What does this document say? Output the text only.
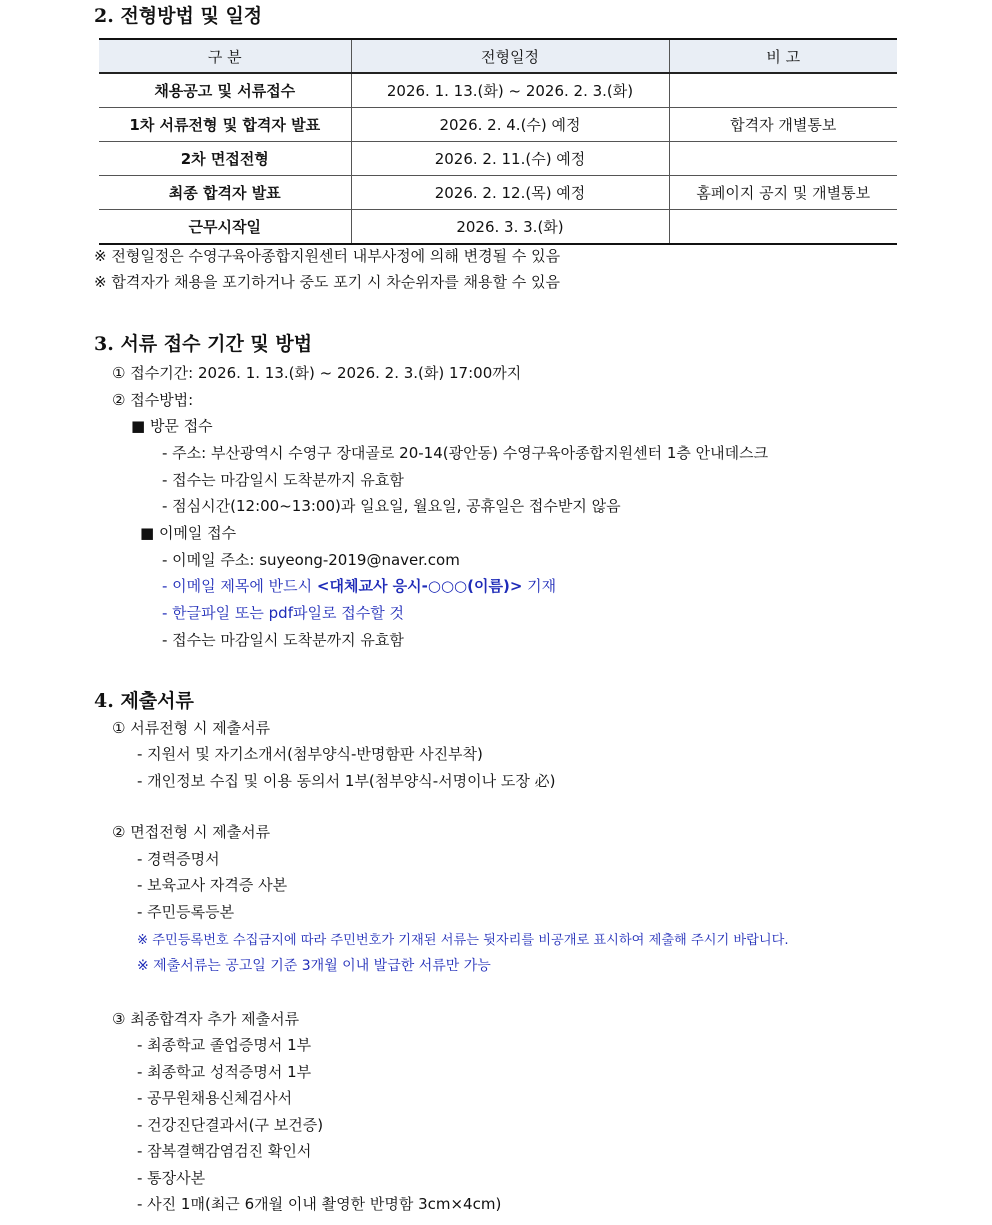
2. 전형방법 및 일정
구 분	전형일정	비 고
채용공고 및 서류접수	2026. 1. 13.(화) ~ 2026. 2. 3.(화)	
1차 서류전형 및 합격자 발표	2026. 2. 4.(수) 예정	합격자 개별통보
2차 면접전형	2026. 2. 11.(수) 예정	
최종 합격자 발표	2026. 2. 12.(목) 예정	홈페이지 공지 및 개별통보
근무시작일	2026. 3. 3.(화)	
※ 전형일정은 수영구육아종합지원센터 내부사정에 의해 변경될 수 있음
※ 합격자가 채용을 포기하거나 중도 포기 시 차순위자를 채용할 수 있음
3. 서류 접수 기간 및 방법
① 접수기간: 2026. 1. 13.(화) ~ 2026. 2. 3.(화) 17:00까지
② 접수방법:
■ 방문 접수
- 주소: 부산광역시 수영구 장대골로 20-14(광안동) 수영구육아종합지원센터 1층 안내데스크
- 접수는 마감일시 도착분까지 유효함
- 점심시간(12:00~13:00)과 일요일, 월요일, 공휴일은 접수받지 않음
■ 이메일 접수
- 이메일 주소: suyeong-2019@naver.com
- 이메일 제목에 반드시 <대체교사 응시-○○○(이름)> 기재
- 한글파일 또는 pdf파일로 접수할 것
- 접수는 마감일시 도착분까지 유효함
4. 제출서류
① 서류전형 시 제출서류
- 지원서 및 자기소개서(첨부양식-반명함판 사진부착)
- 개인정보 수집 및 이용 동의서 1부(첨부양식-서명이나 도장 必)
② 면접전형 시 제출서류
- 경력증명서
- 보육교사 자격증 사본
- 주민등록등본
※ 주민등록번호 수집금지에 따라 주민번호가 기재된 서류는 뒷자리를 비공개로 표시하여 제출해 주시기 바랍니다.
※ 제출서류는 공고일 기준 3개월 이내 발급한 서류만 가능
③ 최종합격자 추가 제출서류
- 최종학교 졸업증명서 1부
- 최종학교 성적증명서 1부
- 공무원채용신체검사서
- 건강진단결과서(구 보건증)
- 잠복결핵감염검진 확인서
- 통장사본
- 사진 1매(최근 6개월 이내 촬영한 반명함 3cm×4cm)
